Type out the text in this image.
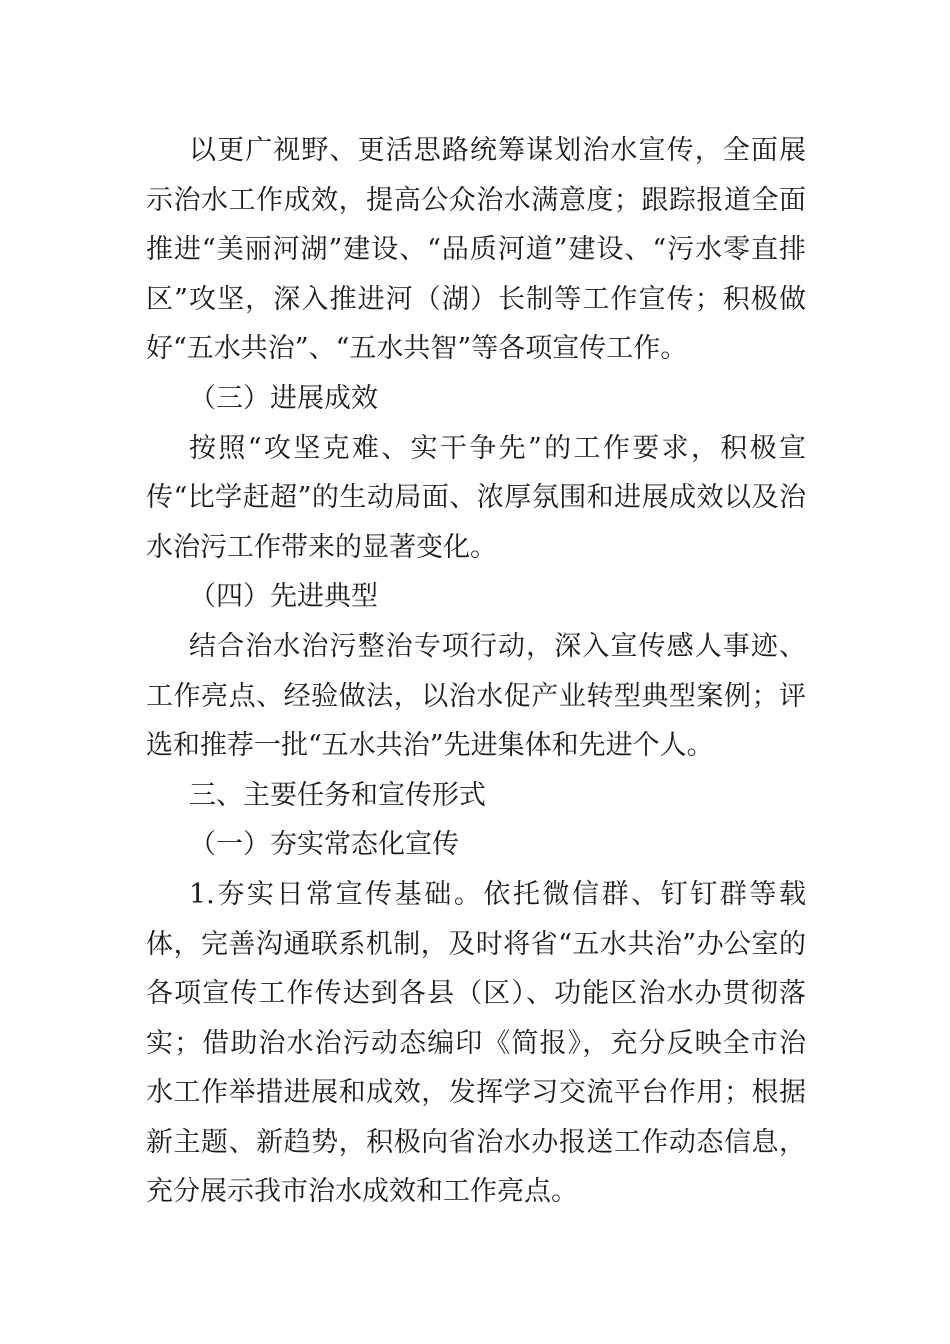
以更广视野、更活思路统筹谋划治水宣传，全面展示治水工作成效，提高公众治水满意度；跟踪报道全面推进“美丽河湖”建设、“品质河道”建设、“污水零直排区”攻坚，深入推进河（湖）长制等工作宣传；积极做好“五水共治”、“五水共智”等各项宣传工作。

（三）进展成效

按照“攻坚克难、实干争先”的工作要求，积极宣传“比学赶超”的生动局面、浓厚氛围和进展成效以及治水治污工作带来的显著变化。

（四）先进典型

结合治水治污整治专项行动，深入宣传感人事迹、工作亮点、经验做法，以治水促产业转型典型案例；评选和推荐一批“五水共治”先进集体和先进个人。

三、主要任务和宣传形式

（一）夯实常态化宣传

1.夯实日常宣传基础。依托微信群、钉钉群等载体，完善沟通联系机制，及时将省“五水共治”办公室的各项宣传工作传达到各县（区）、功能区治水办贯彻落实；借助治水治污动态编印《简报》，充分反映全市治水工作举措进展和成效，发挥学习交流平台作用；根据新主题、新趋势，积极向省治水办报送工作动态信息，充分展示我市治水成效和工作亮点。
